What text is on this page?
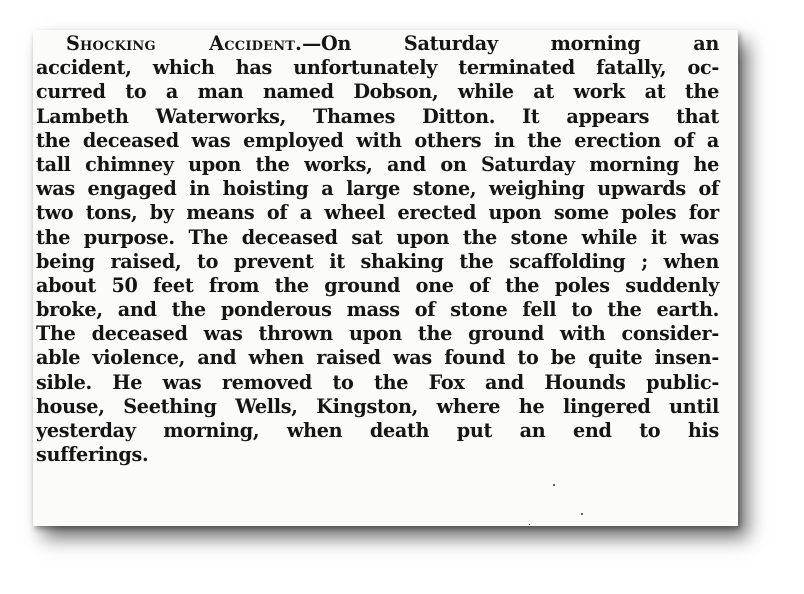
Shocking Accident.—On Saturday morning an
accident, which has unfortunately terminated fatally, oc-
curred to a man named Dobson, while at work at the
Lambeth Waterworks, Thames Ditton. It appears that
the deceased was employed with others in the erection of a
tall chimney upon the works, and on Saturday morning he
was engaged in hoisting a large stone, weighing upwards of
two tons, by means of a wheel erected upon some poles for
the purpose. The deceased sat upon the stone while it was
being raised, to prevent it shaking the scaffolding ; when
about 50 feet from the ground one of the poles suddenly
broke, and the ponderous mass of stone fell to the earth.
The deceased was thrown upon the ground with consider-
able violence, and when raised was found to be quite insen-
sible. He was removed to the Fox and Hounds public-
house, Seething Wells, Kingston, where he lingered until
yesterday morning, when death put an end to his
sufferings.
